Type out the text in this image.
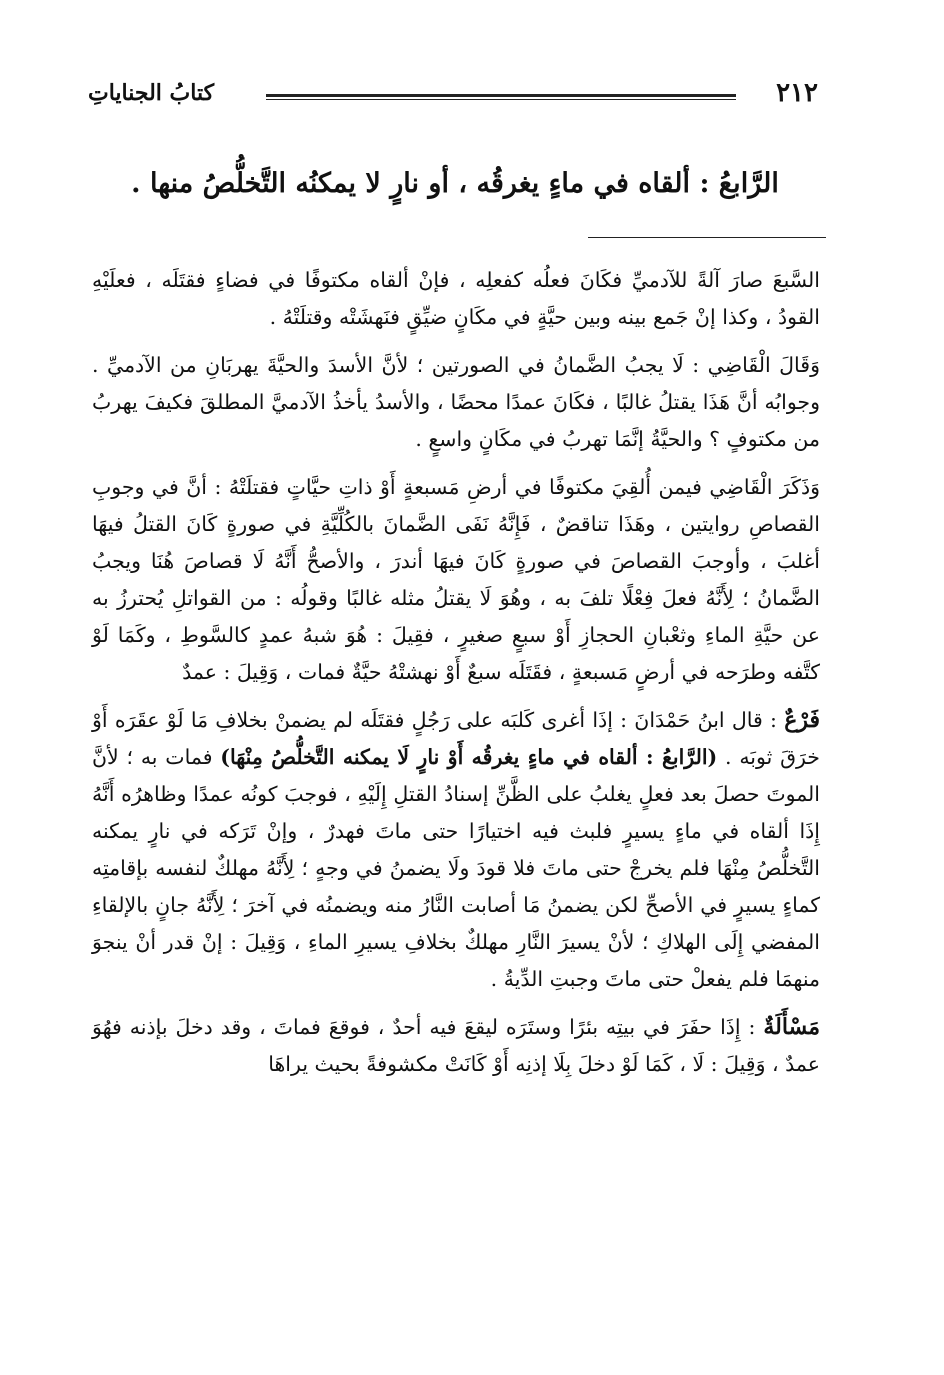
٢١٢
كتابُ الجناياتِ
الرَّابعُ : ألقاه في ماءٍ يغرقُه ، أو نارٍ لا يمكنُه التَّخلُّصُ منها .

السَّبعَ صارَ آلةً للآدميِّ فكَانَ فعلُه كفعلِه ، فإنْ ألقاه مكتوفًا في فضاءٍ فقتَلَه ، فعلَيْهِ القودُ ، وكذا إنْ جَمع بينه وبين حيَّةٍ في مكَانٍ ضيِّقٍ فنَهشَتْه وقتلَتْهُ .

وَقَالَ الْقَاضِي : لَا يجبُ الضَّمانُ في الصورتين ؛ لأنَّ الأسدَ والحيَّةَ يهربَانِ من الآدميِّ . وجوابُه أنَّ هَذَا يقتلُ غالبًا ، فكَانَ عمدًا محضًا ، والأسدُ يأخذُ الآدميَّ المطلقَ فكيفَ يهربُ من مكتوفٍ ؟ والحيَّةُ إنَّمَا تهربُ في مكَانٍ واسعٍ .

وَذَكَرَ الْقَاضِي فيمن أُلقِيَ مكتوفًا في أرضِ مَسبعةٍ أَوْ ذاتِ حيَّاتٍ فقتلَتْهُ : أنَّ في وجوبِ القصاصِ روايتين ، وهَذَا تناقضٌ ، فَإِنَّهُ نَفَى الضَّمانَ بالكُلِّيَّةِ في صورةٍ كَانَ القتلُ فيهَا أغلبَ ، وأوجبَ القصاصَ في صورةٍ كَانَ فيهَا أندرَ ، والأصحُّ أَنَّهُ لَا قصاصَ هُنَا ويجبُ الضَّمانُ ؛ لِأَنَّهُ فعلَ فِعْلًا تلفَ به ، وهُوَ لَا يقتلُ مثله غالبًا وقولُه : من القواتلِ يُحترزُ به عن حيَّةِ الماءِ وثعْبانِ الحجازِ أَوْ سبعٍ صغيرٍ ، فقِيلَ : هُوَ شبهُ عمدٍ كالسَّوطِ ، وكَمَا لَوْ كتَّفه وطرَحه في أرضٍ مَسبعةٍ ، فقَتَلَه سبعٌ أَوْ نهشتْهُ حيَّةٌ فمات ، وَقِيلَ : عمدٌ

فَرْعٌ : قال ابنُ حَمْدَانَ : إذَا أغرى كَلبَه على رَجُلٍ فقتَلَه لم يضمنْ بخلافِ مَا لَوْ عقَرَه أَوْ خرَقَ ثوبَه . (الرَّابعُ : ألقاه في ماءٍ يغرقُه أَوْ نارٍ لَا يمكنه التَّخلُّصُ مِنْهَا) فمات به ؛ لأنَّ الموتَ حصلَ بعد فعلٍ يغلبُ على الظَّنِّ إسنادُ القتلِ إِلَيْهِ ، فوجبَ كونُه عمدًا وظاهرُه أَنَّهُ إِذَا ألقاه في ماءٍ يسيرٍ فلبث فيه اختيارًا حتى ماتَ فهدرٌ ، وإنْ تَرَكه في نارٍ يمكنه التَّخلُّصُ مِنْهَا فلم يخرجْ حتى ماتَ فلا قودَ ولَا يضمنُ في وجهٍ ؛ لِأَنَّهُ مهلكٌ لنفسه بإقامتِه كماءٍ يسيرٍ في الأصحِّ لكن يضمنُ مَا أصابت النَّارُ منه ويضمنُه في آخرَ ؛ لِأَنَّهُ جانٍ بالإلقاءِ المفضي إِلَى الهلاكِ ؛ لأنْ يسيرَ النَّارِ مهلكٌ بخلافِ يسيرِ الماءِ ، وَقِيلَ : إنْ قدر أنْ ينجوَ منهمَا فلم يفعلْ حتى ماتَ وجبتِ الدِّيةُ .

مَسْأَلَةٌ : إِذَا حفَرَ في بيتِه بئرًا وستَرَه ليقعَ فيه أحدٌ ، فوقعَ فماتَ ، وقد دخلَ بإذنه فهُوَ عمدٌ ، وَقِيلَ : لَا ، كَمَا لَوْ دخلَ بِلَا إذنِه أَوْ كَانَتْ مكشوفةً بحيث يراهَا
